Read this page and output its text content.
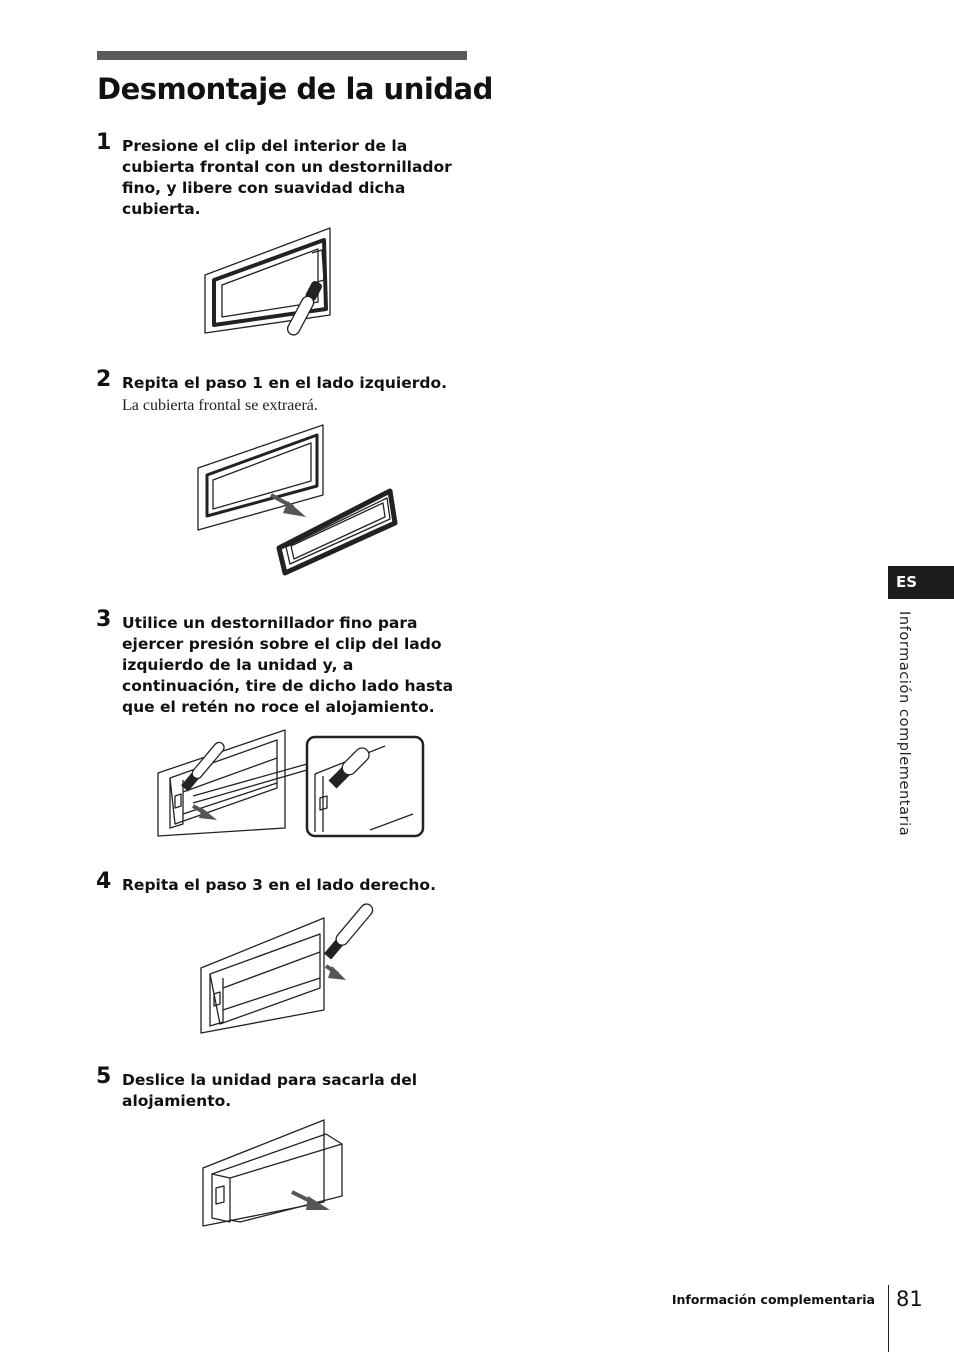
Desmontaje de la unidad
1 Presione el clip del interior de la
cubierta frontal con un destornillador
fino, y libere con suavidad dicha
cubierta.
2 Repita el paso 1 en el lado izquierdo.
La cubierta frontal se extraerá.
3 Utilice un destornillador fino para
ejercer presión sobre el clip del lado
izquierdo de la unidad y, a
continuación, tire de dicho lado hasta
que el retén no roce el alojamiento.
4 Repita el paso 3 en el lado derecho.
5 Deslice la unidad para sacarla del
alojamiento.
ES
Información complementaria
Información complementaria 81
